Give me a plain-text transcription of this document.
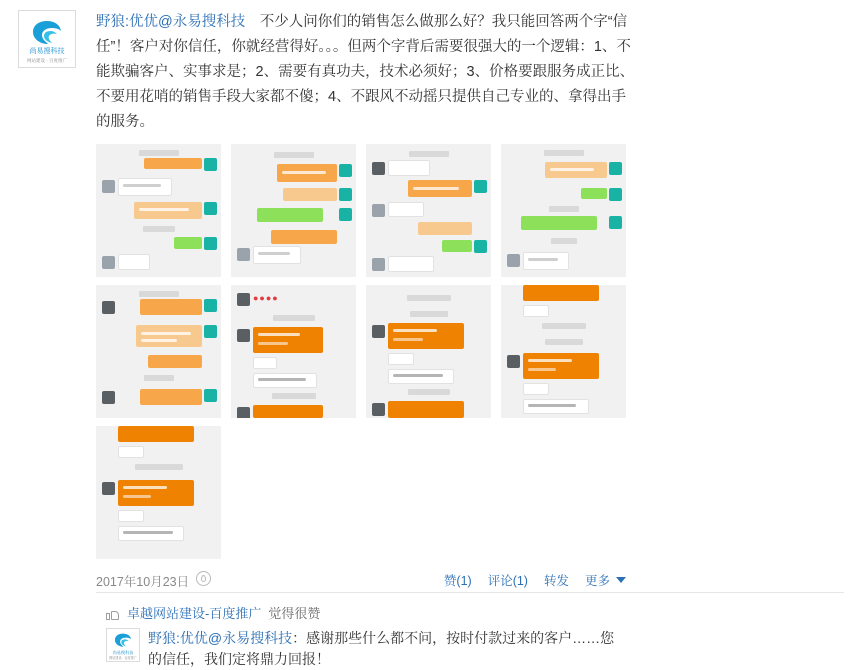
尚易搜科技
网站建设 · 百度推广
野狼:优优@永易搜科技　不少人问你们的销售怎么做那么好？我只能回答两个字“信任”！客户对你信任，你就经营得好。。。但两个字背后需要很强大的一个逻辑：1、不能欺骗客户、实事求是；2、需要有真功夫，技术必须好；3、价格要跟服务成正比、不要用花哨的销售手段大家都不傻；4、不跟风不动摇只提供自己专业的、拿得出手的服务。
●●●●
2017年10月23日	赞(1) 评论(1) 转发 更多
卓越网站建设-百度推广 觉得很赞
尚易搜科技
网站建设 · 百度推广
野狼:优优@永易搜科技：感谢那些什么都不问，按时付款过来的客户……您的信任，我们定将鼎力回报！
